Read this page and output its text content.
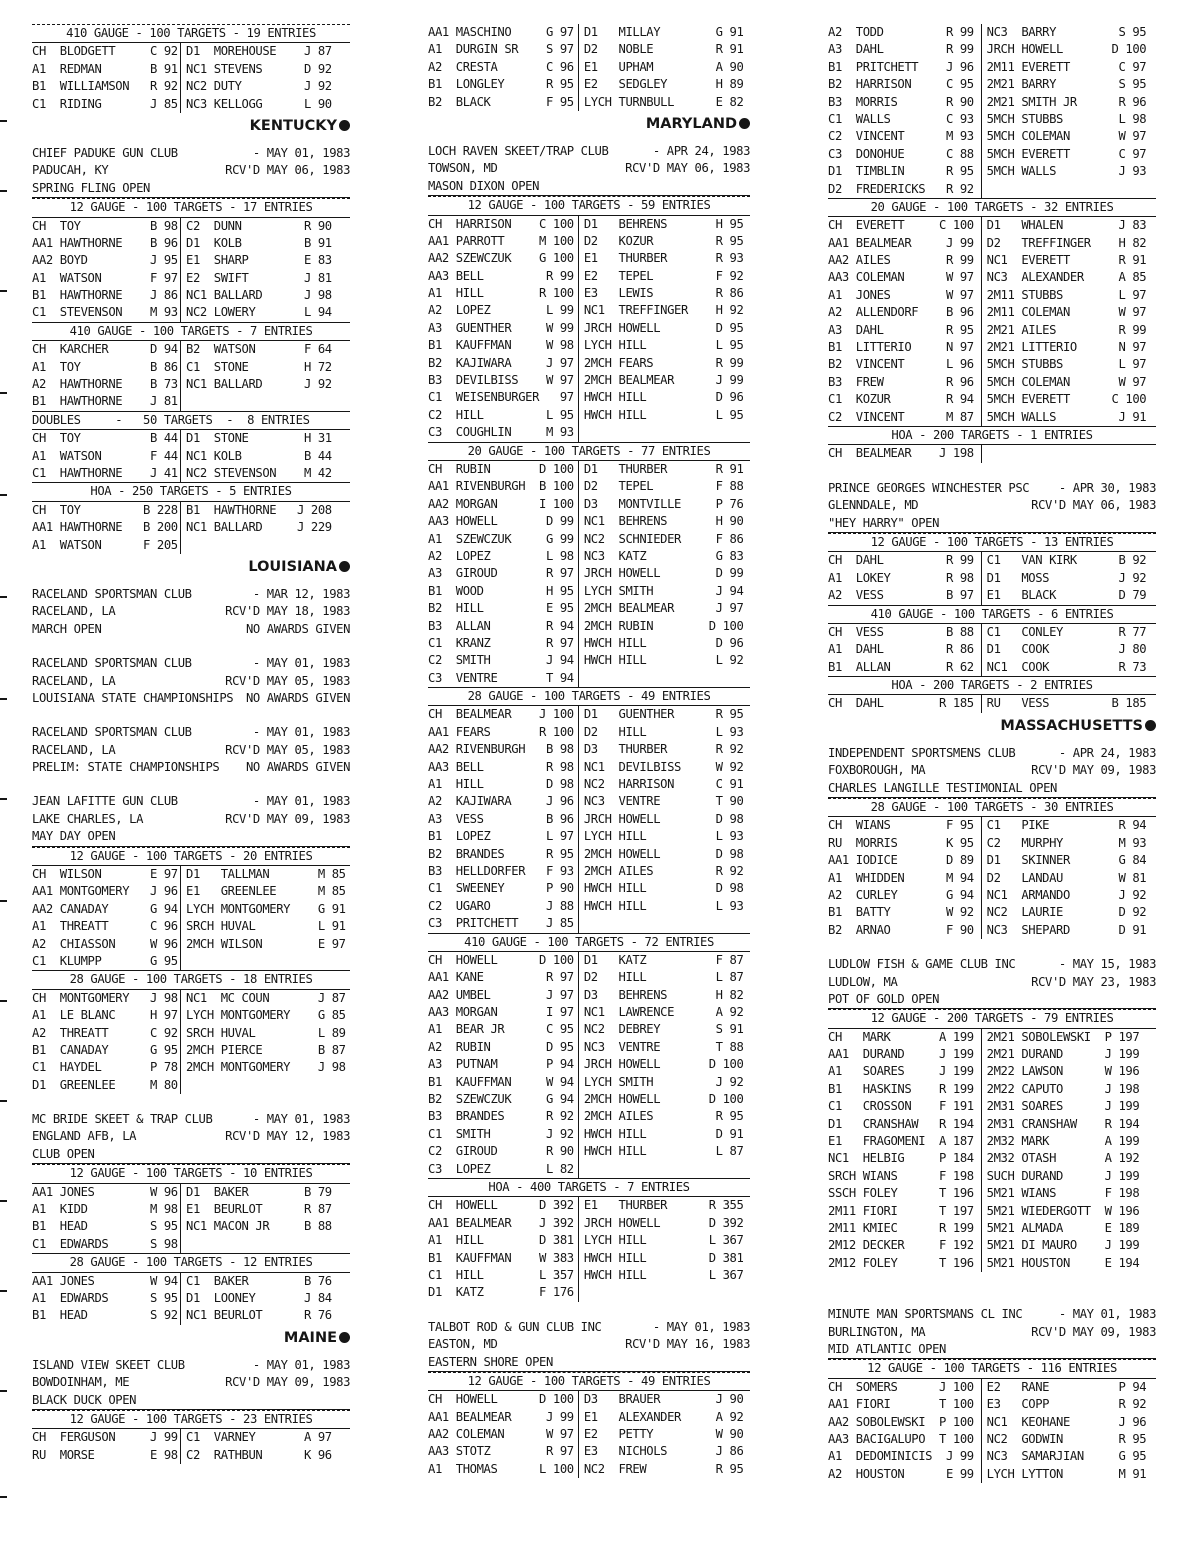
410 GAUGE - 100 TARGETS - 19 ENTRIES
CH  BLODGETT     C 92 D1  MOREHOUSE    J 87
A1  REDMAN       B 91 NC1 STEVENS      D 92
B1  WILLIAMSON   R 92 NC2 DUTY         J 92
C1  RIDING       J 85 NC3 KELLOGG      L 90
KENTUCKY
CHIEF PADUKE GUN CLUB	- MAY 01, 1983
PADUCAH, KY	RCV'D MAY 06, 1983
SPRING FLING OPEN
12 GAUGE - 100 TARGETS - 17 ENTRIES
CH  TOY          B 98 C2  DUNN         R 90
AA1 HAWTHORNE    B 96 D1  KOLB         B 91
AA2 BOYD         J 95 E1  SHARP        E 83
A1  WATSON       F 97 E2  SWIFT        J 81
B1  HAWTHORNE    J 86 NC1 BALLARD      J 98
C1  STEVENSON    M 93 NC2 LOWERY       L 94
410 GAUGE - 100 TARGETS - 7 ENTRIES
CH  KARCHER      D 94 B2  WATSON       F 64
A1  TOY          B 86 C1  STONE        H 72
A2  HAWTHORNE    B 73 NC1 BALLARD      J 92
B1  HAWTHORNE    J 81
DOUBLES     -   50 TARGETS  -  8 ENTRIES
CH  TOY          B 44 D1  STONE        H 31
A1  WATSON       F 44 NC1 KOLB         B 44
C1  HAWTHORNE    J 41 NC2 STEVENSON    M 42
HOA - 250 TARGETS - 5 ENTRIES
CH  TOY         B 228 B1  HAWTHORNE   J 208
AA1 HAWTHORNE   B 200 NC1 BALLARD     J 229
A1  WATSON      F 205
LOUISIANA
RACELAND SPORTSMAN CLUB	- MAR 12, 1983
RACELAND, LA	RCV'D MAY 18, 1983
MARCH OPEN	NO AWARDS GIVEN
RACELAND SPORTSMAN CLUB	- MAY 01, 1983
RACELAND, LA	RCV'D MAY 05, 1983
LOUISIANA STATE CHAMPIONSHIPS NO AWARDS GIVEN
RACELAND SPORTSMAN CLUB	- MAY 01, 1983
RACELAND, LA	RCV'D MAY 05, 1983
PRELIM: STATE CHAMPIONSHIPS NO AWARDS GIVEN
JEAN LAFITTE GUN CLUB	- MAY 01, 1983
LAKE CHARLES, LA	RCV'D MAY 09, 1983
MAY DAY OPEN
12 GAUGE - 100 TARGETS - 20 ENTRIES
CH  WILSON       E 97 D1   TALLMAN       M 85
AA1 MONTGOMERY   J 96 E1   GREENLEE      M 85
AA2 CANADAY      G 94 LYCH MONTGOMERY    G 91
A1  THREATT      C 96 SRCH HUVAL         L 91
A2  CHIASSON     W 96 2MCH WILSON        E 97
C1  KLUMPP       G 95
28 GAUGE - 100 TARGETS - 18 ENTRIES
CH  MONTGOMERY   J 98 NC1  MC COUN       J 87
A1  LE BLANC     H 97 LYCH MONTGOMERY    G 85
A2  THREATT      C 92 SRCH HUVAL         L 89
B1  CANADAY      G 95 2MCH PIERCE        B 87
C1  HAYDEL       P 78 2MCH MONTGOMERY    J 98
D1  GREENLEE     M 80
MC BRIDE SKEET & TRAP CLUB	- MAY 01, 1983
ENGLAND AFB, LA	RCV'D MAY 12, 1983
CLUB OPEN
12 GAUGE - 100 TARGETS - 10 ENTRIES
AA1 JONES        W 96 D1  BAKER        B 79
A1  KIDD         M 98 E1  BEURLOT      R 87
B1  HEAD         S 95 NC1 MACON JR     B 88
C1  EDWARDS      S 98
28 GAUGE - 100 TARGETS - 12 ENTRIES
AA1 JONES        W 94 C1  BAKER        B 76
A1  EDWARDS      S 95 D1  LOONEY       J 84
B1  HEAD         S 92 NC1 BEURLOT      R 76
MAINE
ISLAND VIEW SKEET CLUB	- MAY 01, 1983
BOWDOINHAM, ME	RCV'D MAY 09, 1983
BLACK DUCK OPEN
12 GAUGE - 100 TARGETS - 23 ENTRIES
CH  FERGUSON     J 99 C1  VARNEY       A 97
RU  MORSE        E 98 C2  RATHBUN      K 96
AA1 MASCHINO     G 97 D1   MILLAY        G 91
A1  DURGIN SR    S 97 D2   NOBLE         R 91
A2  CRESTA       C 96 E1   UPHAM         A 90
B1  LONGLEY      R 95 E2   SEDGLEY       H 89
B2  BLACK        F 95 LYCH TURNBULL      E 82
MARYLAND
LOCH RAVEN SKEET/TRAP CLUB	- APR 24, 1983
TOWSON, MD	RCV'D MAY 06, 1983
MASON DIXON OPEN
12 GAUGE - 100 TARGETS - 59 ENTRIES
CH  HARRISON    C 100 D1   BEHRENS       H 95
AA1 PARROTT     M 100 D2   KOZUR         R 95
AA2 SZEWCZUK    G 100 E1   THURBER       R 93
AA3 BELL         R 99 E2   TEPEL         F 92
A1  HILL        R 100 E3   LEWIS         R 86
A2  LOPEZ        L 99 NC1  TREFFINGER    H 92
A3  GUENTHER     W 99 JRCH HOWELL        D 95
B1  KAUFFMAN     W 98 LYCH HILL          L 95
B2  KAJIWARA     J 97 2MCH FEARS         R 99
B3  DEVILBISS    W 97 2MCH BEALMEAR      J 99
C1  WEISENBURGER   97 HWCH HILL          D 96
C2  HILL         L 95 HWCH HILL          L 95
C3  COUGHLIN     M 93
20 GAUGE - 100 TARGETS - 77 ENTRIES
CH  RUBIN       D 100 D1   THURBER       R 91
AA1 RIVENBURGH  B 100 D2   TEPEL         F 88
AA2 MORGAN      I 100 D3   MONTVILLE     P 76
AA3 HOWELL       D 99 NC1  BEHRENS       H 90
A1  SZEWCZUK     G 99 NC2  SCHNIEDER     F 86
A2  LOPEZ        L 98 NC3  KATZ          G 83
A3  GIROUD       R 97 JRCH HOWELL        D 99
B1  WOOD         H 95 LYCH SMITH         J 94
B2  HILL         E 95 2MCH BEALMEAR      J 97
B3  ALLAN        R 94 2MCH RUBIN        D 100
C1  KRANZ        R 97 HWCH HILL          D 96
C2  SMITH        J 94 HWCH HILL          L 92
C3  VENTRE       T 94
28 GAUGE - 100 TARGETS - 49 ENTRIES
CH  BEALMEAR    J 100 D1   GUENTHER      R 95
AA1 FEARS       R 100 D2   HILL          L 93
AA2 RIVENBURGH   B 98 D3   THURBER       R 92
AA3 BELL         R 98 NC1  DEVILBISS     W 92
A1  HILL         D 98 NC2  HARRISON      C 91
A2  KAJIWARA     J 96 NC3  VENTRE        T 90
A3  VESS         B 96 JRCH HOWELL        D 98
B1  LOPEZ        L 97 LYCH HILL          L 93
B2  BRANDES      R 95 2MCH HOWELL        D 98
B3  HELLDORFER   F 93 2MCH AILES         R 92
C1  SWEENEY      P 90 HWCH HILL          D 98
C2  UGARO        J 88 HWCH HILL          L 93
C3  PRITCHETT    J 85
410 GAUGE - 100 TARGETS - 72 ENTRIES
CH  HOWELL      D 100 D1   KATZ          F 87
AA1 KANE         R 97 D2   HILL          L 87
AA2 UMBEL        J 97 D3   BEHRENS       H 82
AA3 MORGAN       I 97 NC1  LAWRENCE      A 92
A1  BEAR JR      C 95 NC2  DEBREY        S 91
A2  RUBIN        D 95 NC3  VENTRE        T 88
A3  PUTNAM       P 94 JRCH HOWELL       D 100
B1  KAUFFMAN     W 94 LYCH SMITH         J 92
B2  SZEWCZUK     G 94 2MCH HOWELL       D 100
B3  BRANDES      R 92 2MCH AILES         R 95
C1  SMITH        J 92 HWCH HILL          D 91
C2  GIROUD       R 90 HWCH HILL          L 87
C3  LOPEZ        L 82
HOA - 400 TARGETS - 7 ENTRIES
CH  HOWELL      D 392 E1   THURBER      R 355
AA1 BEALMEAR    J 392 JRCH HOWELL       D 392
A1  HILL        D 381 LYCH HILL         L 367
B1  KAUFFMAN    W 383 HWCH HILL         D 381
C1  HILL        L 357 HWCH HILL         L 367
D1  KATZ        F 176
TALBOT ROD & GUN CLUB INC	- MAY 01, 1983
EASTON, MD	RCV'D MAY 16, 1983
EASTERN SHORE OPEN
12 GAUGE - 100 TARGETS - 49 ENTRIES
CH  HOWELL      D 100 D3   BRAUER        J 90
AA1 BEALMEAR     J 99 E1   ALEXANDER     A 92
AA2 COLEMAN      W 97 E2   PETTY         W 90
AA3 STOTZ        R 97 E3   NICHOLS       J 86
A1  THOMAS      L 100 NC2  FREW          R 95
A2  TODD         R 99	NC3  BARRY         S 95
A3  DAHL         R 99	JRCH HOWELL       D 100
B1  PRITCHETT    J 96	2M11 EVERETT       C 97
B2  HARRISON     C 95	2M21 BARRY         S 95
B3  MORRIS       R 90	2M21 SMITH JR      R 96
C1  WALLS        C 93	5MCH STUBBS        L 98
C2  VINCENT      M 93	5MCH COLEMAN       W 97
C3  DONOHUE      C 88	5MCH EVERETT       C 97
D1  TIMBLIN      R 95	5MCH WALLS         J 93
D2  FREDERICKS   R 92
20 GAUGE - 100 TARGETS - 32 ENTRIES
CH  EVERETT     C 100	D1   WHALEN        J 83
AA1 BEALMEAR     J 99	D2   TREFFINGER    H 82
AA2 AILES        R 99	NC1  EVERETT       R 91
AA3 COLEMAN      W 97	NC3  ALEXANDER     A 85
A1  JONES        W 97	2M11 STUBBS        L 97
A2  ALLENDORF    B 96	2M11 COLEMAN       W 97
A3  DAHL         R 95	2M21 AILES         R 99
B1  LITTERIO     N 97	2M21 LITTERIO      N 97
B2  VINCENT      L 96	5MCH STUBBS        L 97
B3  FREW         R 96	5MCH COLEMAN       W 97
C1  KOZUR        R 94	5MCH EVERETT      C 100
C2  VINCENT      M 87	5MCH WALLS         J 91
HOA - 200 TARGETS - 1 ENTRIES
CH  BEALMEAR    J 198
PRINCE GEORGES WINCHESTER PSC - APR 30, 1983
GLENNDALE, MD	RCV'D MAY 06, 1983
"HEY HARRY" OPEN
12 GAUGE - 100 TARGETS - 13 ENTRIES
CH  DAHL         R 99	C1   VAN KIRK      B 92
A1  LOKEY        R 98	D1   MOSS          J 92
A2  VESS         B 97	E1   BLACK         D 79
410 GAUGE - 100 TARGETS - 6 ENTRIES
CH  VESS         B 88	C1   CONLEY        R 77
A1  DAHL         R 86	D1   COOK          J 80
B1  ALLAN        R 62	NC1  COOK          R 73
HOA - 200 TARGETS - 2 ENTRIES
CH  DAHL        R 185	RU   VESS         B 185
MASSACHUSETTS
INDEPENDENT SPORTSMENS CLUB	- APR 24, 1983
FOXBOROUGH, MA	RCV'D MAY 09, 1983
CHARLES LANGILLE TESTIMONIAL OPEN
28 GAUGE - 100 TARGETS - 30 ENTRIES
CH  WIANS        F 95	C1   PIKE          R 94
RU  MORRIS       K 95	C2   MURPHY        M 93
AA1 IODICE       D 89	D1   SKINNER       G 84
A1  WHIDDEN      M 94	D2   LANDAU        W 81
A2  CURLEY       G 94	NC1  ARMANDO       J 92
B1  BATTY        W 92	NC2  LAURIE        D 92
B2  ARNAO        F 90	NC3  SHEPARD       D 91
LUDLOW FISH & GAME CLUB INC	- MAY 15, 1983
LUDLOW, MA	RCV'D MAY 23, 1983
POT OF GOLD OPEN
12 GAUGE - 200 TARGETS - 79 ENTRIES
CH   MARK       A 199	2M21 SOBOLEWSKI  P 197
AA1  DURAND     J 199	2M21 DURAND      J 199
A1   SOARES     J 199	2M22 LAWSON      W 196
B1   HASKINS    R 199	2M22 CAPUTO      J 198
C1   CROSSON    F 191	2M31 SOARES      J 199
D1   CRANSHAW   R 194	2M31 CRANSHAW    R 194
E1   FRAGOMENI  A 187	2M32 MARK        A 199
NC1  HELBIG     P 184	2M32 OTASH       A 192
SRCH WIANS      F 198	SUCH DURAND      J 199
SSCH FOLEY      T 196	5M21 WIANS       F 198
2M11 FIORI      T 197	5M21 WIEDERGOTT  W 196
2M11 KMIEC      R 199	5M21 ALMADA      E 189
2M12 DECKER     F 192	5M21 DI MAURO    J 199
2M12 FOLEY      T 196	5M21 HOUSTON     E 194
MINUTE MAN SPORTSMANS CL INC	- MAY 01, 1983
BURLINGTON, MA	RCV'D MAY 09, 1983
MID ATLANTIC OPEN
12 GAUGE - 100 TARGETS - 116 ENTRIES
CH  SOMERS      J 100	E2   RANE          P 94
AA1 FIORI       T 100	E3   COPP          R 92
AA2 SOBOLEWSKI  P 100	NC1  KEOHANE       J 96
AA3 BACIGALUPO  T 100	NC2  GODWIN        R 95
A1  DEDOMINICIS  J 99	NC3  SAMARJIAN     G 95
A2  HOUSTON      E 99	LYCH LYTTON        M 91
